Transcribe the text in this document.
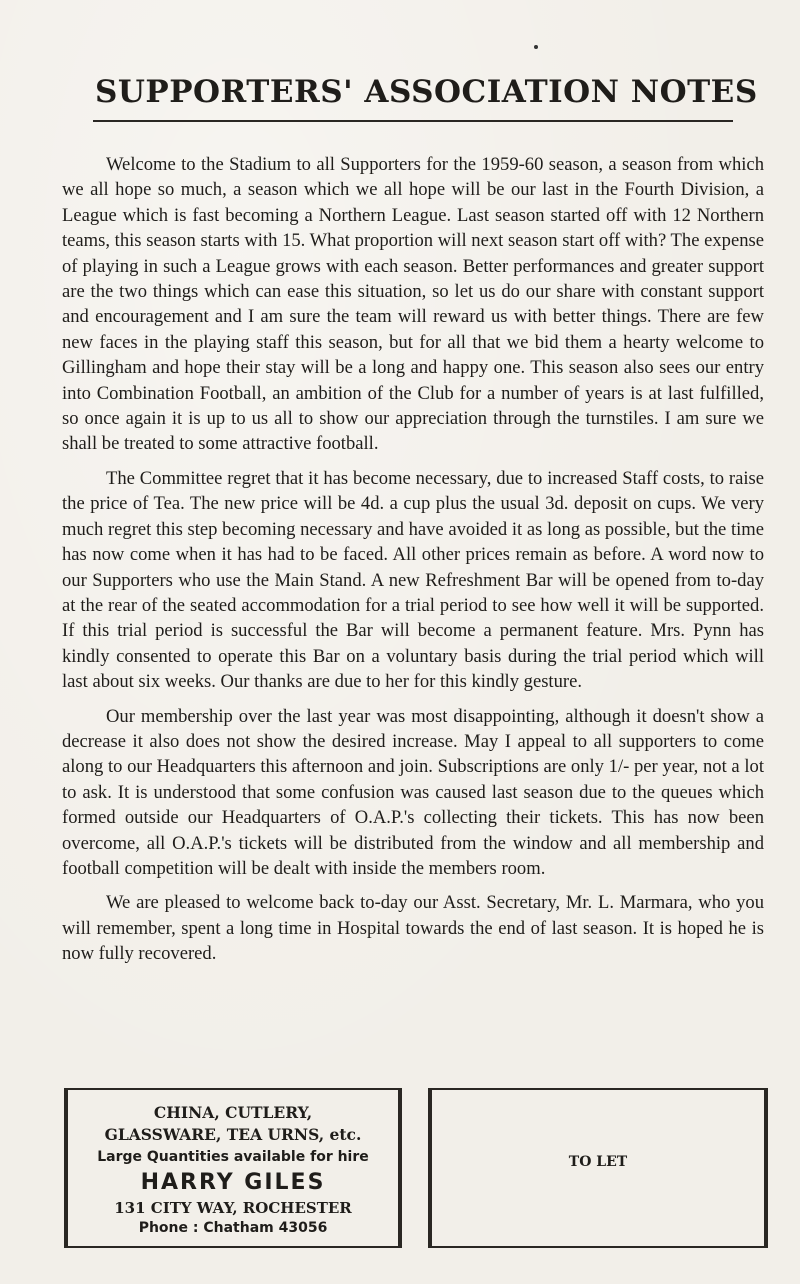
SUPPORTERS' ASSOCIATION NOTES

Welcome to the Stadium to all Supporters for the 1959-60 season, a season from which we all hope so much, a season which we all hope will be our last in the Fourth Division, a League which is fast becoming a Northern League. Last season started off with 12 Northern teams, this season starts with 15. What proportion will next season start off with? The expense of playing in such a League grows with each season. Better performances and greater support are the two things which can ease this situation, so let us do our share with constant support and encouragement and I am sure the team will reward us with better things. There are few new faces in the playing staff this season, but for all that we bid them a hearty welcome to Gillingham and hope their stay will be a long and happy one. This season also sees our entry into Combination Football, an ambition of the Club for a number of years is at last fulfilled, so once again it is up to us all to show our appreciation through the turnstiles. I am sure we shall be treated to some attractive football.

The Committee regret that it has become necessary, due to increased Staff costs, to raise the price of Tea. The new price will be 4d. a cup plus the usual 3d. deposit on cups. We very much regret this step becoming necessary and have avoided it as long as possible, but the time has now come when it has had to be faced. All other prices remain as before. A word now to our Supporters who use the Main Stand. A new Refreshment Bar will be opened from to-day at the rear of the seated accommodation for a trial period to see how well it will be supported. If this trial period is successful the Bar will become a permanent feature. Mrs. Pynn has kindly consented to operate this Bar on a voluntary basis during the trial period which will last about six weeks. Our thanks are due to her for this kindly gesture.

Our membership over the last year was most disappointing, although it doesn't show a decrease it also does not show the desired increase. May I appeal to all supporters to come along to our Headquarters this afternoon and join. Subscriptions are only 1/- per year, not a lot to ask. It is understood that some confusion was caused last season due to the queues which formed outside our Headquarters of O.A.P.'s collecting their tickets. This has now been overcome, all O.A.P.'s tickets will be distributed from the window and all membership and football competition will be dealt with inside the members room.

We are pleased to welcome back to-day our Asst. Secretary, Mr. L. Marmara, who you will remember, spent a long time in Hospital towards the end of last season. It is hoped he is now fully recovered.

CHINA, CUTLERY,
GLASSWARE, TEA URNS, etc.
Large Quantities available for hire
HARRY GILES
131 CITY WAY, ROCHESTER
Phone : Chatham 43056
TO LET
